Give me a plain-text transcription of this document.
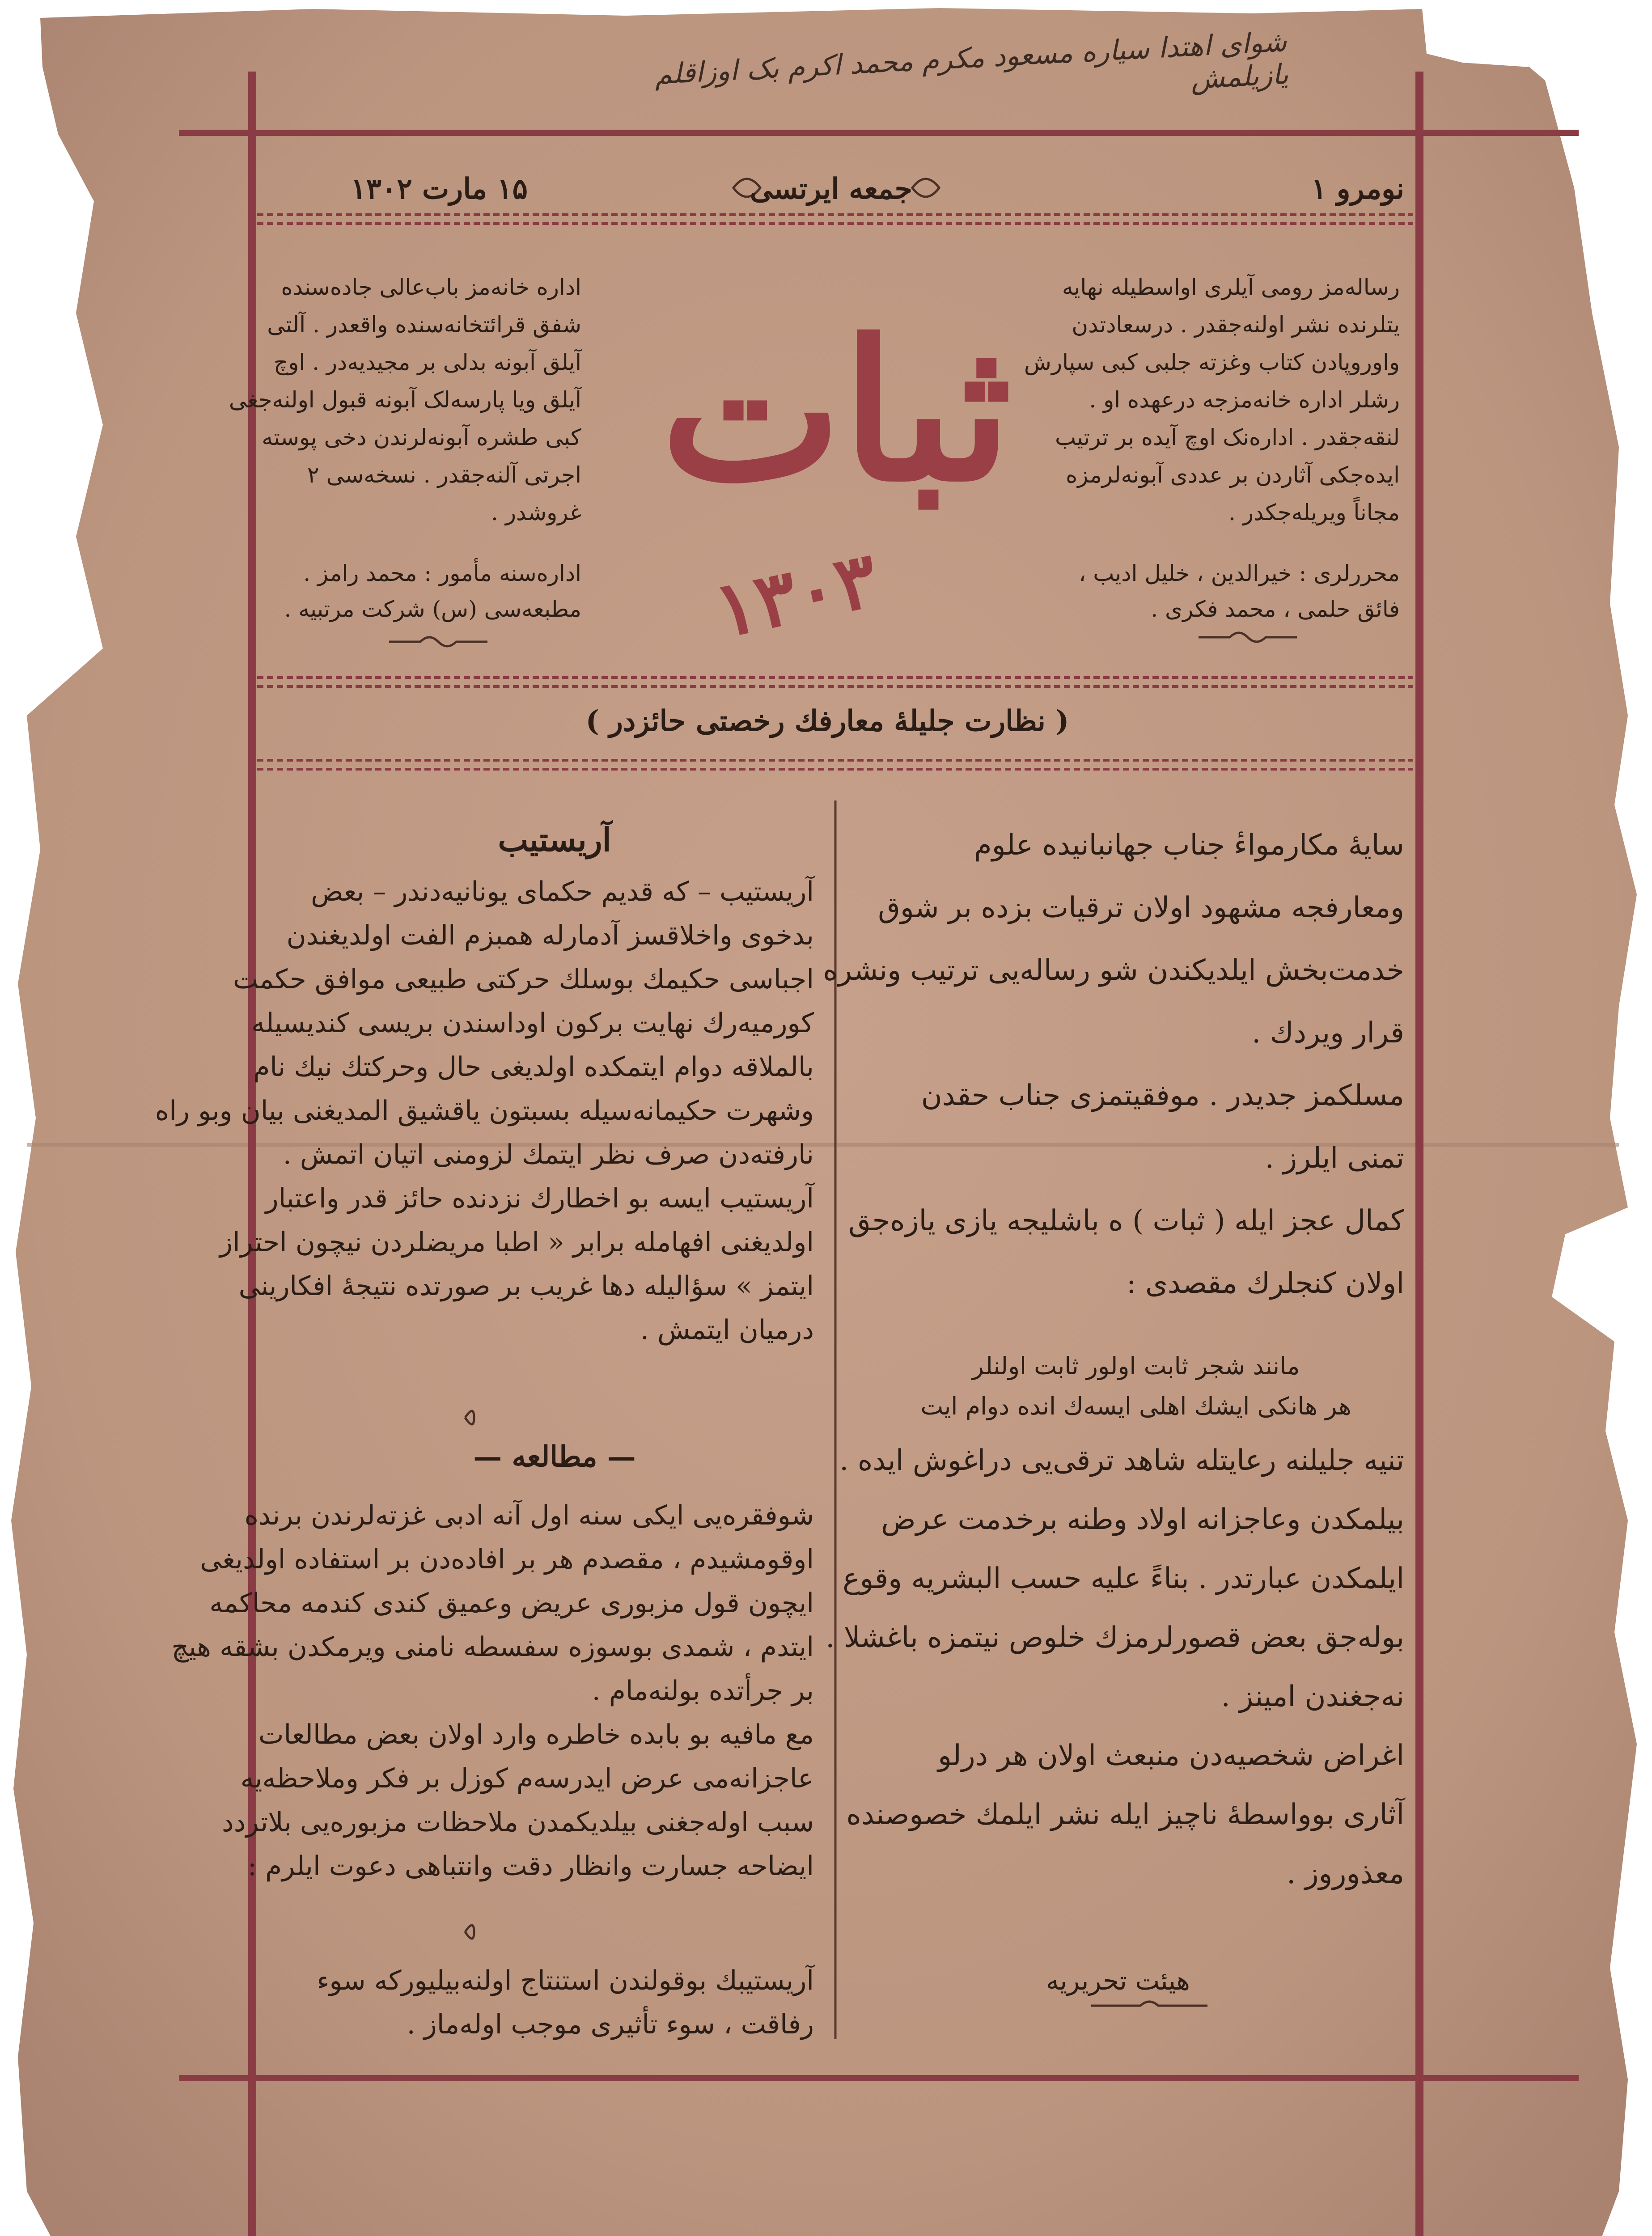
شوای اهتدا سیاره مسعود مکرم محمد اکرم بک اوزاقلم یازیلمش
نومرو ۱
جمعه ایرتسی
۱۵ مارت ۱۳۰۲
اداره خانه‌مز باب‌عالی جاده‌سنده
شفق قرائتخانه‌سنده واقعدر . آلتی
آیلق آبونه بدلی بر مجیدیه‌در . اوچ
آیلق ویا پارسه‌لک آبونه قبول اولنه‌جغی
کبی طشره آبونه‌لرندن دخی پوسته
اجرتی آلنه‌جقدر . نسخه‌سی ۲
غروشدر .
اداره‌سنه مأمور : محمد رامز .
مطبعه‌سی (س) شرکت مرتبیه .
ثبات
۱۳۰۳
رساله‌مز رومی آیلری اواسطیله نهایه
یتلرنده نشر اولنه‌جقدر . درسعادتدن
واوروپادن کتاب وغزته جلبی کبی سپارش
رشلر اداره خانه‌مزجه درعهده او .
لنقه‌جقدر . اداره‌نک اوچ آیده بر ترتیب
ایده‌جکی آثاردن بر عددی آبونه‌لرمزه
مجاناً ویریله‌جکدر .
محررلری : خیرالدین ، خلیل ادیب ،
فائق حلمی ، محمد فکری .
( نظارت جلیله‌ٔ معارفك رخصتی حائزدر )
آریستیب
آریستیب – که قدیم حکمای یونانیه‌دندر – بعض
بدخوی واخلاقسز آدمارله همبزم الفت اولدیغندن
اجباسی حکیمك بوسلك حرکتی طبیعی موافق حکمت
کورمیه‌رك نهایت برکون اوداسندن بریسی کندیسیله
بالملاقه دوام ایتمکده اولدیغی حال وحرکتك نیك نام
وشهرت حکیمانه‌سیله بسبتون یاقشیق المدیغنی بیان وبو راه
نارفته‌دن صرف نظر ایتمك لزومنی اتیان اتمش .
آریستیب ایسه بو اخطارك نزدنده حائز قدر واعتبار
اولدیغنی افهامله برابر « اطبا مریضلردن نیچون احتراز
ایتمز » سؤالیله دها غریب بر صورتده نتیجهٔ افکارینی
درمیان ایتمش .
— مطالعه —
شوفقره‌یی ایکی سنه اول آنه ادبی غزته‌لرندن برنده
اوقومشیدم ، مقصدم هر بر افاده‌دن بر استفاده اولدیغی
ایچون قول مزبوری عریض وعمیق کندی کندمه محاکمه
ایتدم ، شمدی بوسوزه سفسطه نامنی ویرمکدن بشقه هیچ
بر جرأتده بولنه‌مام .
مع مافیه بو بابده خاطره وارد اولان بعض مطالعات
عاجزانه‌می عرض ایدرسه‌م کوزل بر فکر وملاحظه‌یه
سبب اوله‌جغنی بیلدیکمدن ملاحظات مزبوره‌یی بلاتردد
ایضاحه جسارت وانظار دقت وانتباهی دعوت ایلرم :
آریستیبك بوقولندن استنتاج اولنه‌بیلیورکه سوء
رفاقت ، سوء تأثیری موجب اوله‌ماز .
سایهٔ مکارمواءٔ جناب جهانبانیده علوم
ومعارفجه مشهود اولان ترقیات بزده بر شوق
خدمت‌بخش ایلدیکندن شو رساله‌یی ترتیب ونشره
قرار ویردك .
مسلکمز جدیدر . موفقیتمزی جناب حقدن
تمنی ایلرز .
کمال عجز ایله ( ثبات ) ه باشلیجه یازی یازه‌جق
اولان کنجلرك مقصدی :
مانند شجر ثابت اولور ثابت اولنلر
هر هانکی ایشك اهلی ایسه‌ك انده دوام ایت
تنیه جلیلنه رعایتله شاهد ترقی‌یی دراغوش ایده .
بیلمکدن وعاجزانه اولاد وطنه برخدمت عرض
ایلمکدن عبارتدر . بناءً علیه حسب البشریه وقوع
بوله‌جق بعض قصورلرمزك خلوص نیتمزه باغشلا .
نه‌جغندن امینز .
اغراض شخصیه‌دن منبعث اولان هر درلو
آثاری بوواسطهٔ ناچیز ایله نشر ایلمك خصوصنده
معذوروز .
هیئت تحریریه
